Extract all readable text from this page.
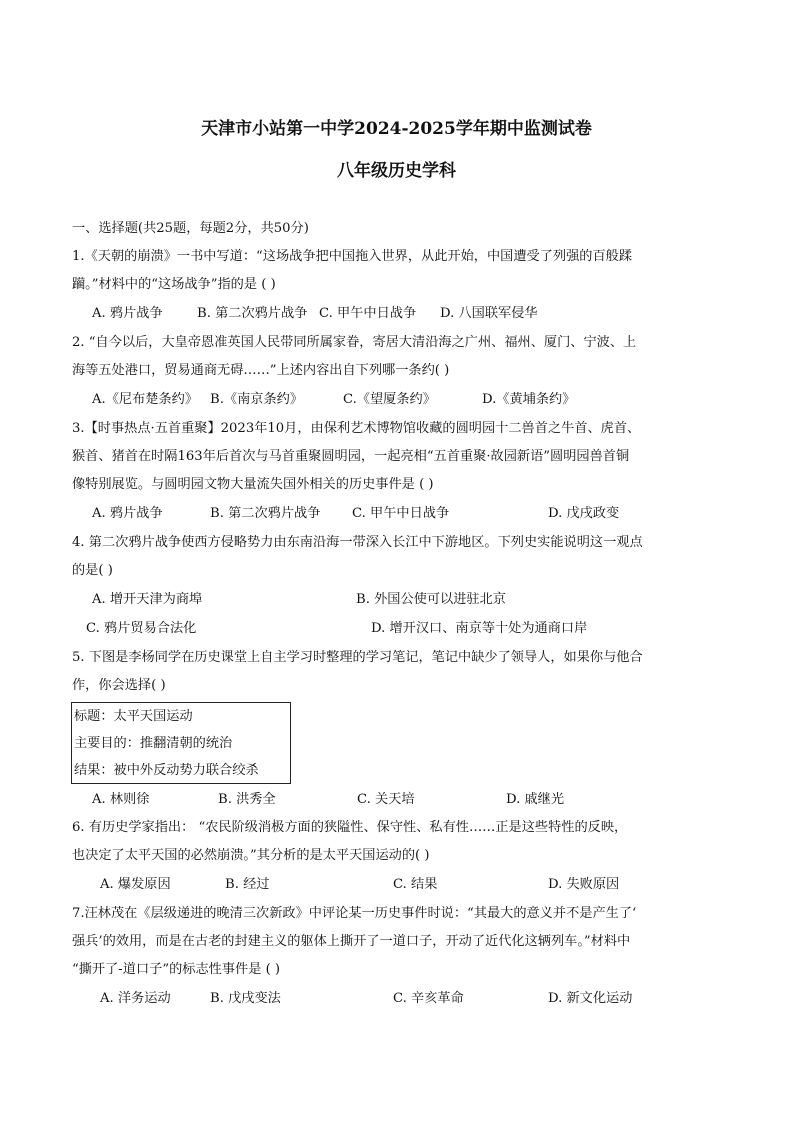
天津市小站第一中学2024-2025学年期中监测试卷
八年级历史学科
一、选择题(共25题，每题2分，共50分)
1.《天朝的崩溃》一书中写道：“这场战争把中国拖入世界，从此开始，中国遭受了列强的百般蹂
躏。”材料中的“这场战争”指的是 ( )
A. 鸦片战争	B. 第二次鸦片战争 C. 甲午中日战争 D. 八国联军侵华
2. “自今以后，大皇帝恩准英国人民带同所属家眷，寄居大清沿海之广州、福州、厦门、宁波、上
海等五处港口，贸易通商无碍……”上述内容出自下列哪一条约( )
A.《尼布楚条约》 B.《南京条约》	C.《望厦条约》	D.《黄埔条约》
3.【时事热点·五首重聚】2023年10月，由保利艺术博物馆收藏的圆明园十二兽首之牛首、虎首、
猴首、猪首在时隔163年后首次与马首重聚圆明园，一起亮相“五首重聚·故园新语”圆明园兽首铜
像特别展览。与圆明园文物大量流失国外相关的历史事件是 ( )
A. 鸦片战争	B. 第二次鸦片战争 C. 甲午中日战争	D. 戊戌政变
4. 第二次鸦片战争使西方侵略势力由东南沿海一带深入长江中下游地区。下列史实能说明这一观点
的是( )
A. 增开天津为商埠	B. 外国公使可以进驻北京
C. 鸦片贸易合法化	D. 增开汉口、南京等十处为通商口岸
5. 下图是李杨同学在历史课堂上自主学习时整理的学习笔记，笔记中缺少了领导人，如果你与他合
作，你会选择( )
标题：太平天国运动
主要目的：推翻清朝的统治
结果：被中外反动势力联合绞杀
A. 林则徐	B. 洪秀全	C. 关天培	D. 戚继光
6. 有历史学家指出： “农民阶级消极方面的狭隘性、保守性、私有性……正是这些特性的反映，
也决定了太平天国的必然崩溃。”其分析的是太平天国运动的( )
A. 爆发原因	B. 经过	C. 结果	D. 失败原因
7.汪林茂在《层级递进的晚清三次新政》中评论某一历史事件时说：“其最大的意义并不是产生了‘
强兵’的效用，而是在古老的封建主义的躯体上撕开了一道口子，开动了近代化这辆列车。”材料中
“撕开了-道口子”的标志性事件是 ( )
A. 洋务运动	B. 戊戌变法	C. 辛亥革命	D. 新文化运动
